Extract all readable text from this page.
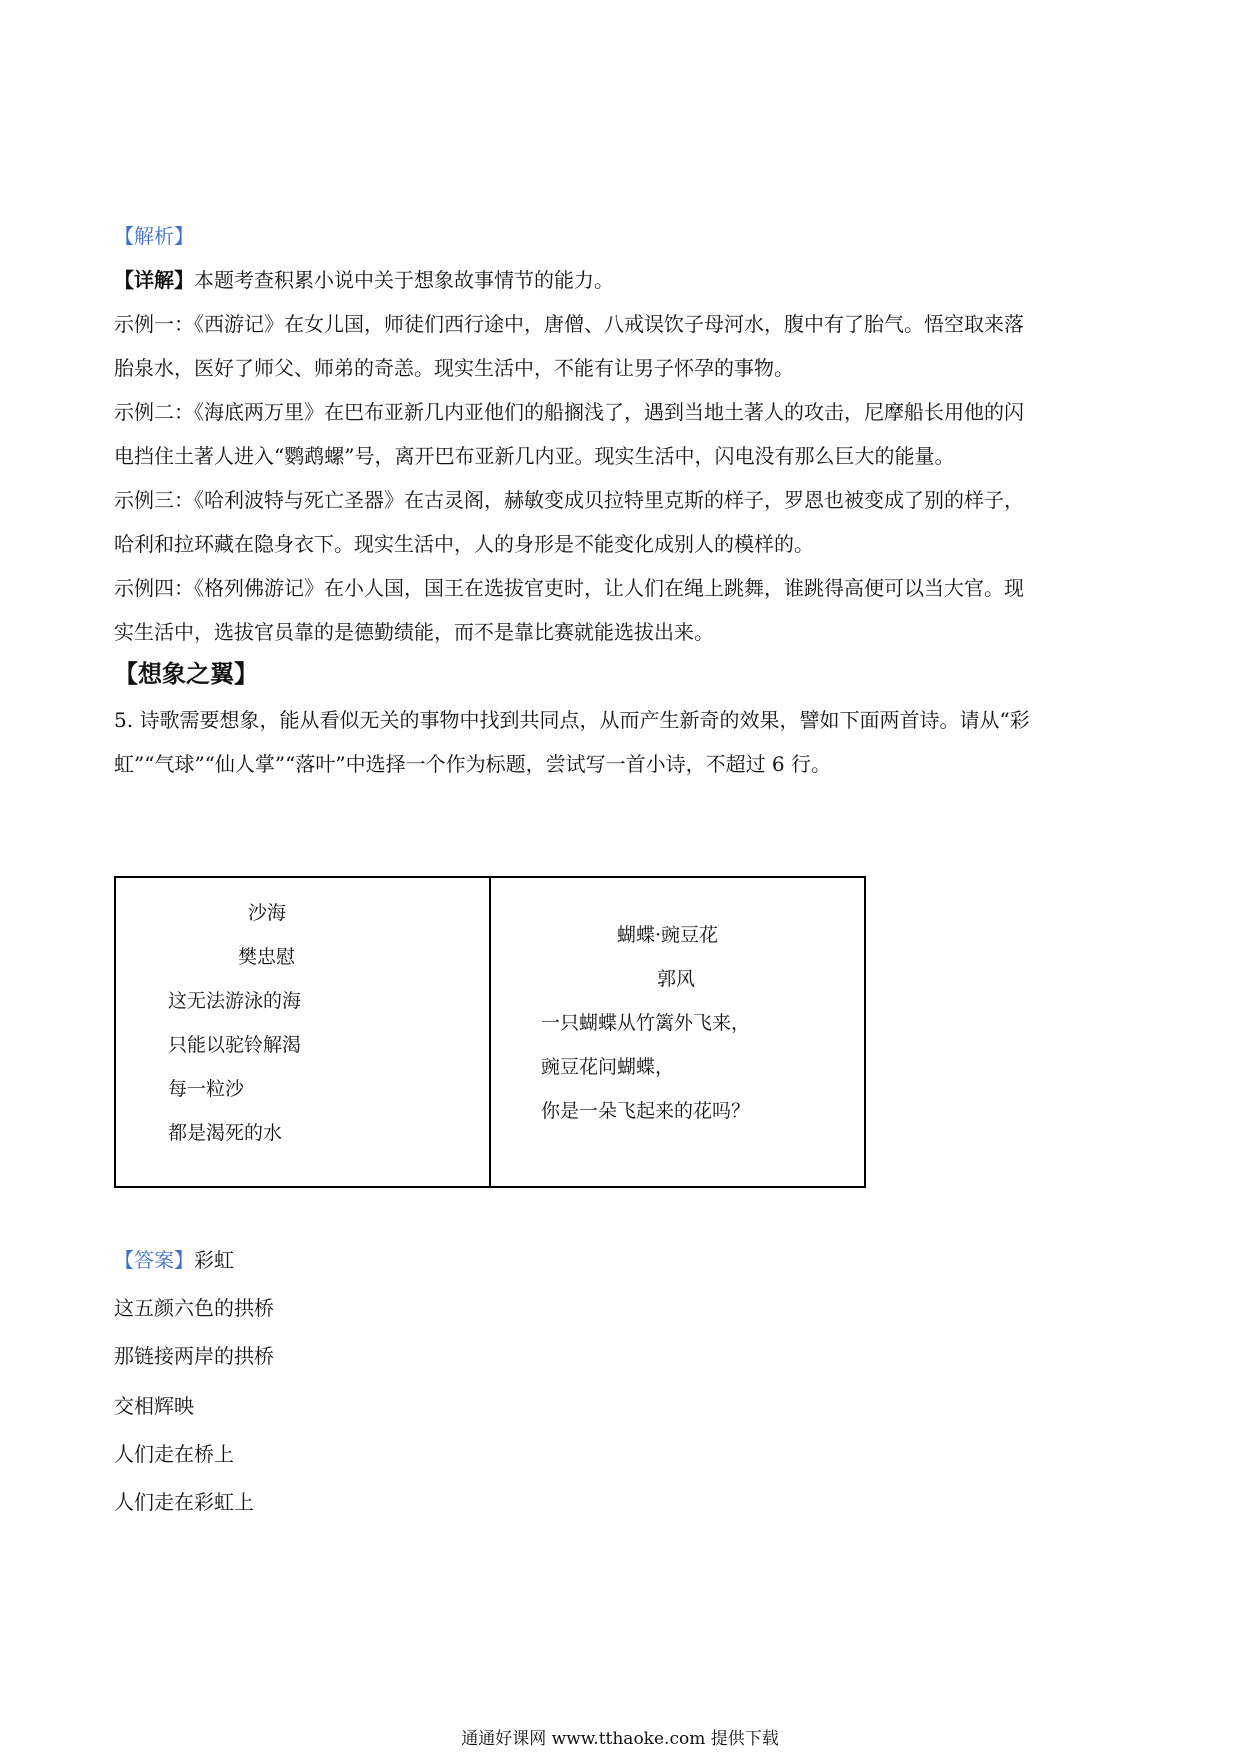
【解析】
【详解】本题考查积累小说中关于想象故事情节的能力。
示例一：《西游记》在女儿国，师徒们西行途中，唐僧、八戒误饮子母河水，腹中有了胎气。悟空取来落
胎泉水，医好了师父、师弟的奇恙。现实生活中，不能有让男子怀孕的事物。
示例二：《海底两万里》在巴布亚新几内亚他们的船搁浅了，遇到当地土著人的攻击，尼摩船长用他的闪
电挡住土著人进入“鹦鹉螺”号，离开巴布亚新几内亚。现实生活中，闪电没有那么巨大的能量。
示例三：《哈利波特与死亡圣器》在古灵阁，赫敏变成贝拉特里克斯的样子，罗恩也被变成了别的样子，
哈利和拉环藏在隐身衣下。现实生活中，人的身形是不能变化成别人的模样的。
示例四：《格列佛游记》在小人国，国王在选拔官吏时，让人们在绳上跳舞，谁跳得高便可以当大官。现
实生活中，选拔官员靠的是德勤绩能，而不是靠比赛就能选拔出来。
【想象之翼】
5. 诗歌需要想象，能从看似无关的事物中找到共同点，从而产生新奇的效果，譬如下面两首诗。请从“彩
虹”“气球”“仙人掌”“落叶”中选择一个作为标题，尝试写一首小诗，不超过 6 行。
沙海
樊忠慰
这无法游泳的海
只能以驼铃解渴
每一粒沙
都是渴死的水

蝴蝶·豌豆花
郭风
一只蝴蝶从竹篱外飞来，
豌豆花问蝴蝶，
你是一朵飞起来的花吗？
【答案】彩虹
这五颜六色的拱桥
那链接两岸的拱桥
交相辉映
人们走在桥上
人们走在彩虹上
通通好课网 www.tthaoke.com 提供下载
